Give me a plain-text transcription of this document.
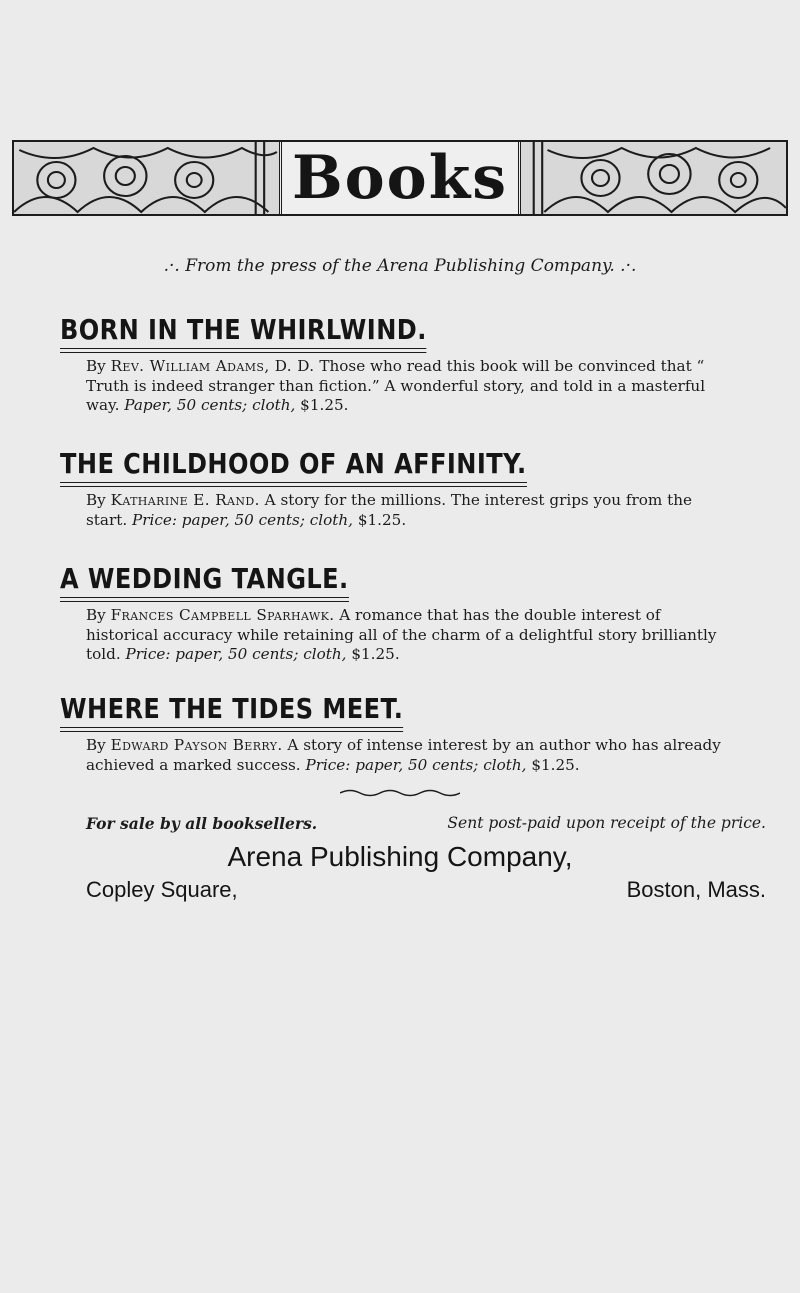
Books

.·. From the press of the Arena Publishing Company. .·.

BORN IN THE WHIRLWIND.

By Rev. William Adams, D. D. Those who read this book will be convinced that “ Truth is indeed stranger than fiction.” A wonderful story, and told in a masterful way. Paper, 50 cents; cloth, $1.25.

THE CHILDHOOD OF AN AFFINITY.

By Katharine E. Rand. A story for the millions. The interest grips you from the start. Price: paper, 50 cents; cloth, $1.25.

A WEDDING TANGLE.

By Frances Campbell Sparhawk. A romance that has the double interest of historical accuracy while retaining all of the charm of a delightful story brilliantly told. Price: paper, 50 cents; cloth, $1.25.

WHERE THE TIDES MEET.

By Edward Payson Berry. A story of intense interest by an author who has already achieved a marked success. Price: paper, 50 cents; cloth, $1.25.

For sale by all booksellers.	Sent post-paid upon receipt of the price.

Arena Publishing Company,

Copley Square,	Boston, Mass.
